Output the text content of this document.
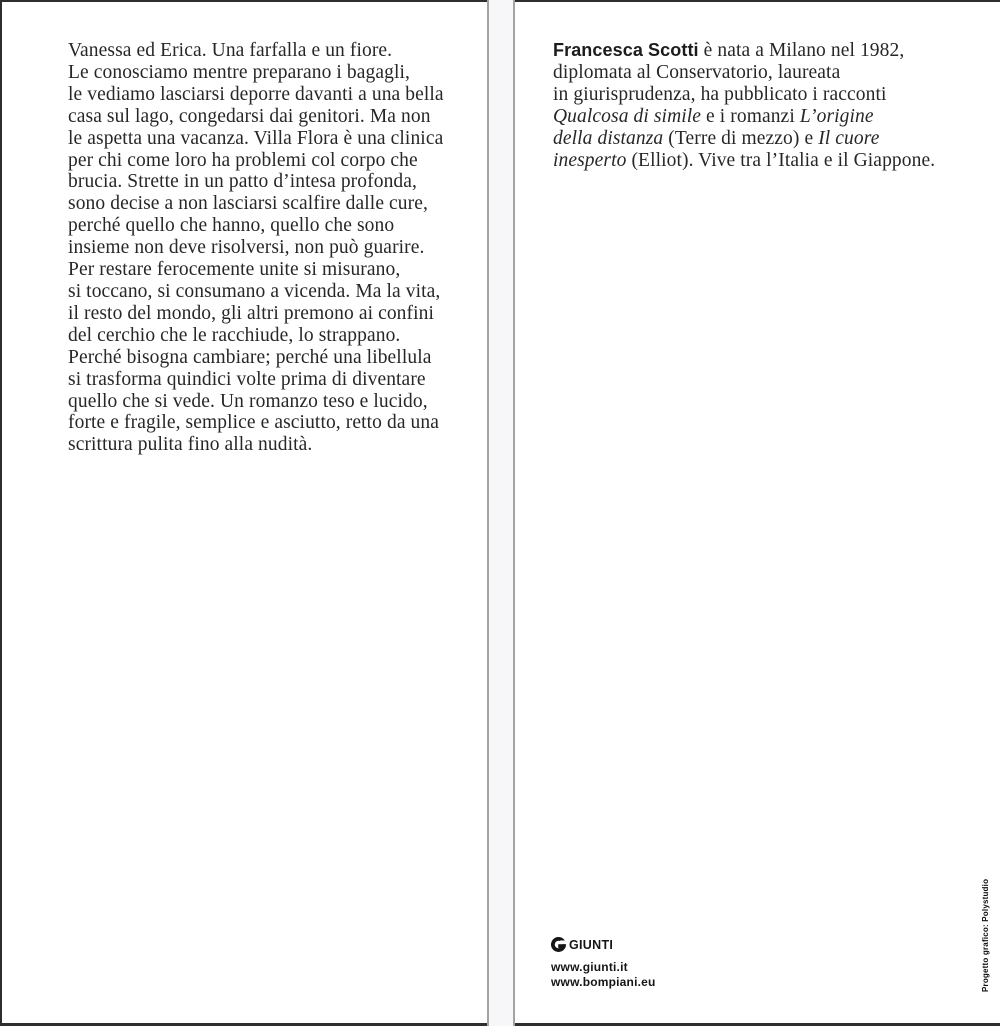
Vanessa ed Erica. Una farfalla e un fiore.
Le conosciamo mentre preparano i bagagli,
le vediamo lasciarsi deporre davanti a una bella
casa sul lago, congedarsi dai genitori. Ma non
le aspetta una vacanza. Villa Flora è una clinica
per chi come loro ha problemi col corpo che
brucia. Strette in un patto d’intesa profonda,
sono decise a non lasciarsi scalfire dalle cure,
perché quello che hanno, quello che sono
insieme non deve risolversi, non può guarire.
Per restare ferocemente unite si misurano,
si toccano, si consumano a vicenda. Ma la vita,
il resto del mondo, gli altri premono ai confini
del cerchio che le racchiude, lo strappano.
Perché bisogna cambiare; perché una libellula
si trasforma quindici volte prima di diventare
quello che si vede. Un romanzo teso e lucido,
forte e fragile, semplice e asciutto, retto da una
scrittura pulita fino alla nudità.
Francesca Scotti è nata a Milano nel 1982,
diplomata al Conservatorio, laureata
in giurisprudenza, ha pubblicato i racconti
Qualcosa di simile e i romanzi L’origine
della distanza (Terre di mezzo) e Il cuore
inesperto (Elliot). Vive tra l’Italia e il Giappone.
GIUNTI
www.giunti.it
www.bompiani.eu	Progetto grafico: Polystudio
